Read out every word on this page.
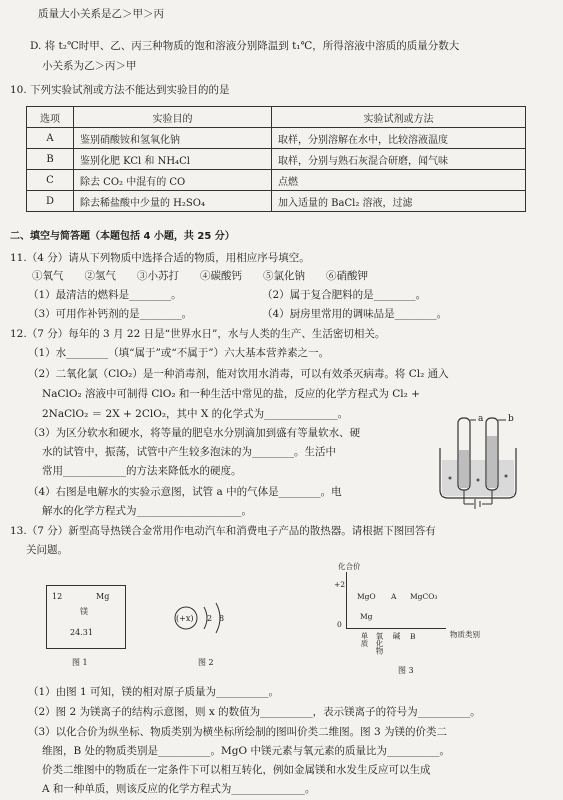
质量大小关系是乙＞甲＞丙
D. 将 t₂℃时甲、乙、丙三种物质的饱和溶液分别降温到 t₁℃，所得溶液中溶质的质量分数大
小关系为乙＞丙＞甲
10. 下列实验试剂或方法不能达到实验目的的是
选项	实验目的	实验试剂或方法
A	鉴别硝酸铵和氢氧化钠	取样，分别溶解在水中，比较溶液温度
B	鉴别化肥 KCl 和 NH₄Cl	取样，分别与熟石灰混合研磨，闻气味
C	除去 CO₂ 中混有的 CO	点燃
D	除去稀盐酸中少量的 H₂SO₄	加入适量的 BaCl₂ 溶液，过滤
二、填空与简答题（本题包括 4 小题，共 25 分）
11.（4 分）请从下列物质中选择合适的物质，用相应序号填空。
①氧气　　②氢气　　③小苏打　　④碳酸钙　　⑤氯化钠　　⑥硝酸钾
（1）最清洁的燃料是________。	（2）属于复合肥料的是________。
（3）可用作补钙剂的是________。	（4）厨房里常用的调味品是________。
12.（7 分）每年的 3 月 22 日是“世界水日”，水与人类的生产、生活密切相关。
（1）水________（填“属于”或“不属于”）六大基本营养素之一。
（2）二氧化氯（ClO₂）是一种消毒剂，能对饮用水消毒，可以有效杀灭病毒。将 Cl₂ 通入
NaClO₂ 溶液中可制得 ClO₂ 和一种生活中常见的盐，反应的化学方程式为 Cl₂ +
2NaClO₂ ＝ 2X + 2ClO₂，其中 X 的化学式为______________。
（3）为区分软水和硬水，将等量的肥皂水分别滴加到盛有等量软水、硬
水的试管中，振荡，试管中产生较多泡沫的为________。生活中
常用____________的方法来降低水的硬度。
（4）右图是电解水的实验示意图，试管 a 中的气体是________。电
解水的化学方程式为____________________。
a	b
13.（7 分）新型高导热镁合金常用作电动汽车和消费电子产品的散热器。请根据下图回答有
关问题。
12	Mg
镁
24.31
图 1
(+x) 2 8
图 2
化合价
+2
0
物质类别
MgO A MgCO₃
Mg
单质 氧化物 碱 B
图 3
（1）由图 1 可知，镁的相对原子质量为__________。
（2）图 2 为镁离子的结构示意图，则 x 的数值为__________，表示镁离子的符号为__________。
（3）以化合价为纵坐标、物质类别为横坐标所绘制的图叫价类二维图。图 3 为镁的价类二
维图，B 处的物质类别是__________。MgO 中镁元素与氧元素的质量比为__________。
价类二维图中的物质在一定条件下可以相互转化，例如金属镁和水发生反应可以生成
A 和一种单质，则该反应的化学方程式为______________。
